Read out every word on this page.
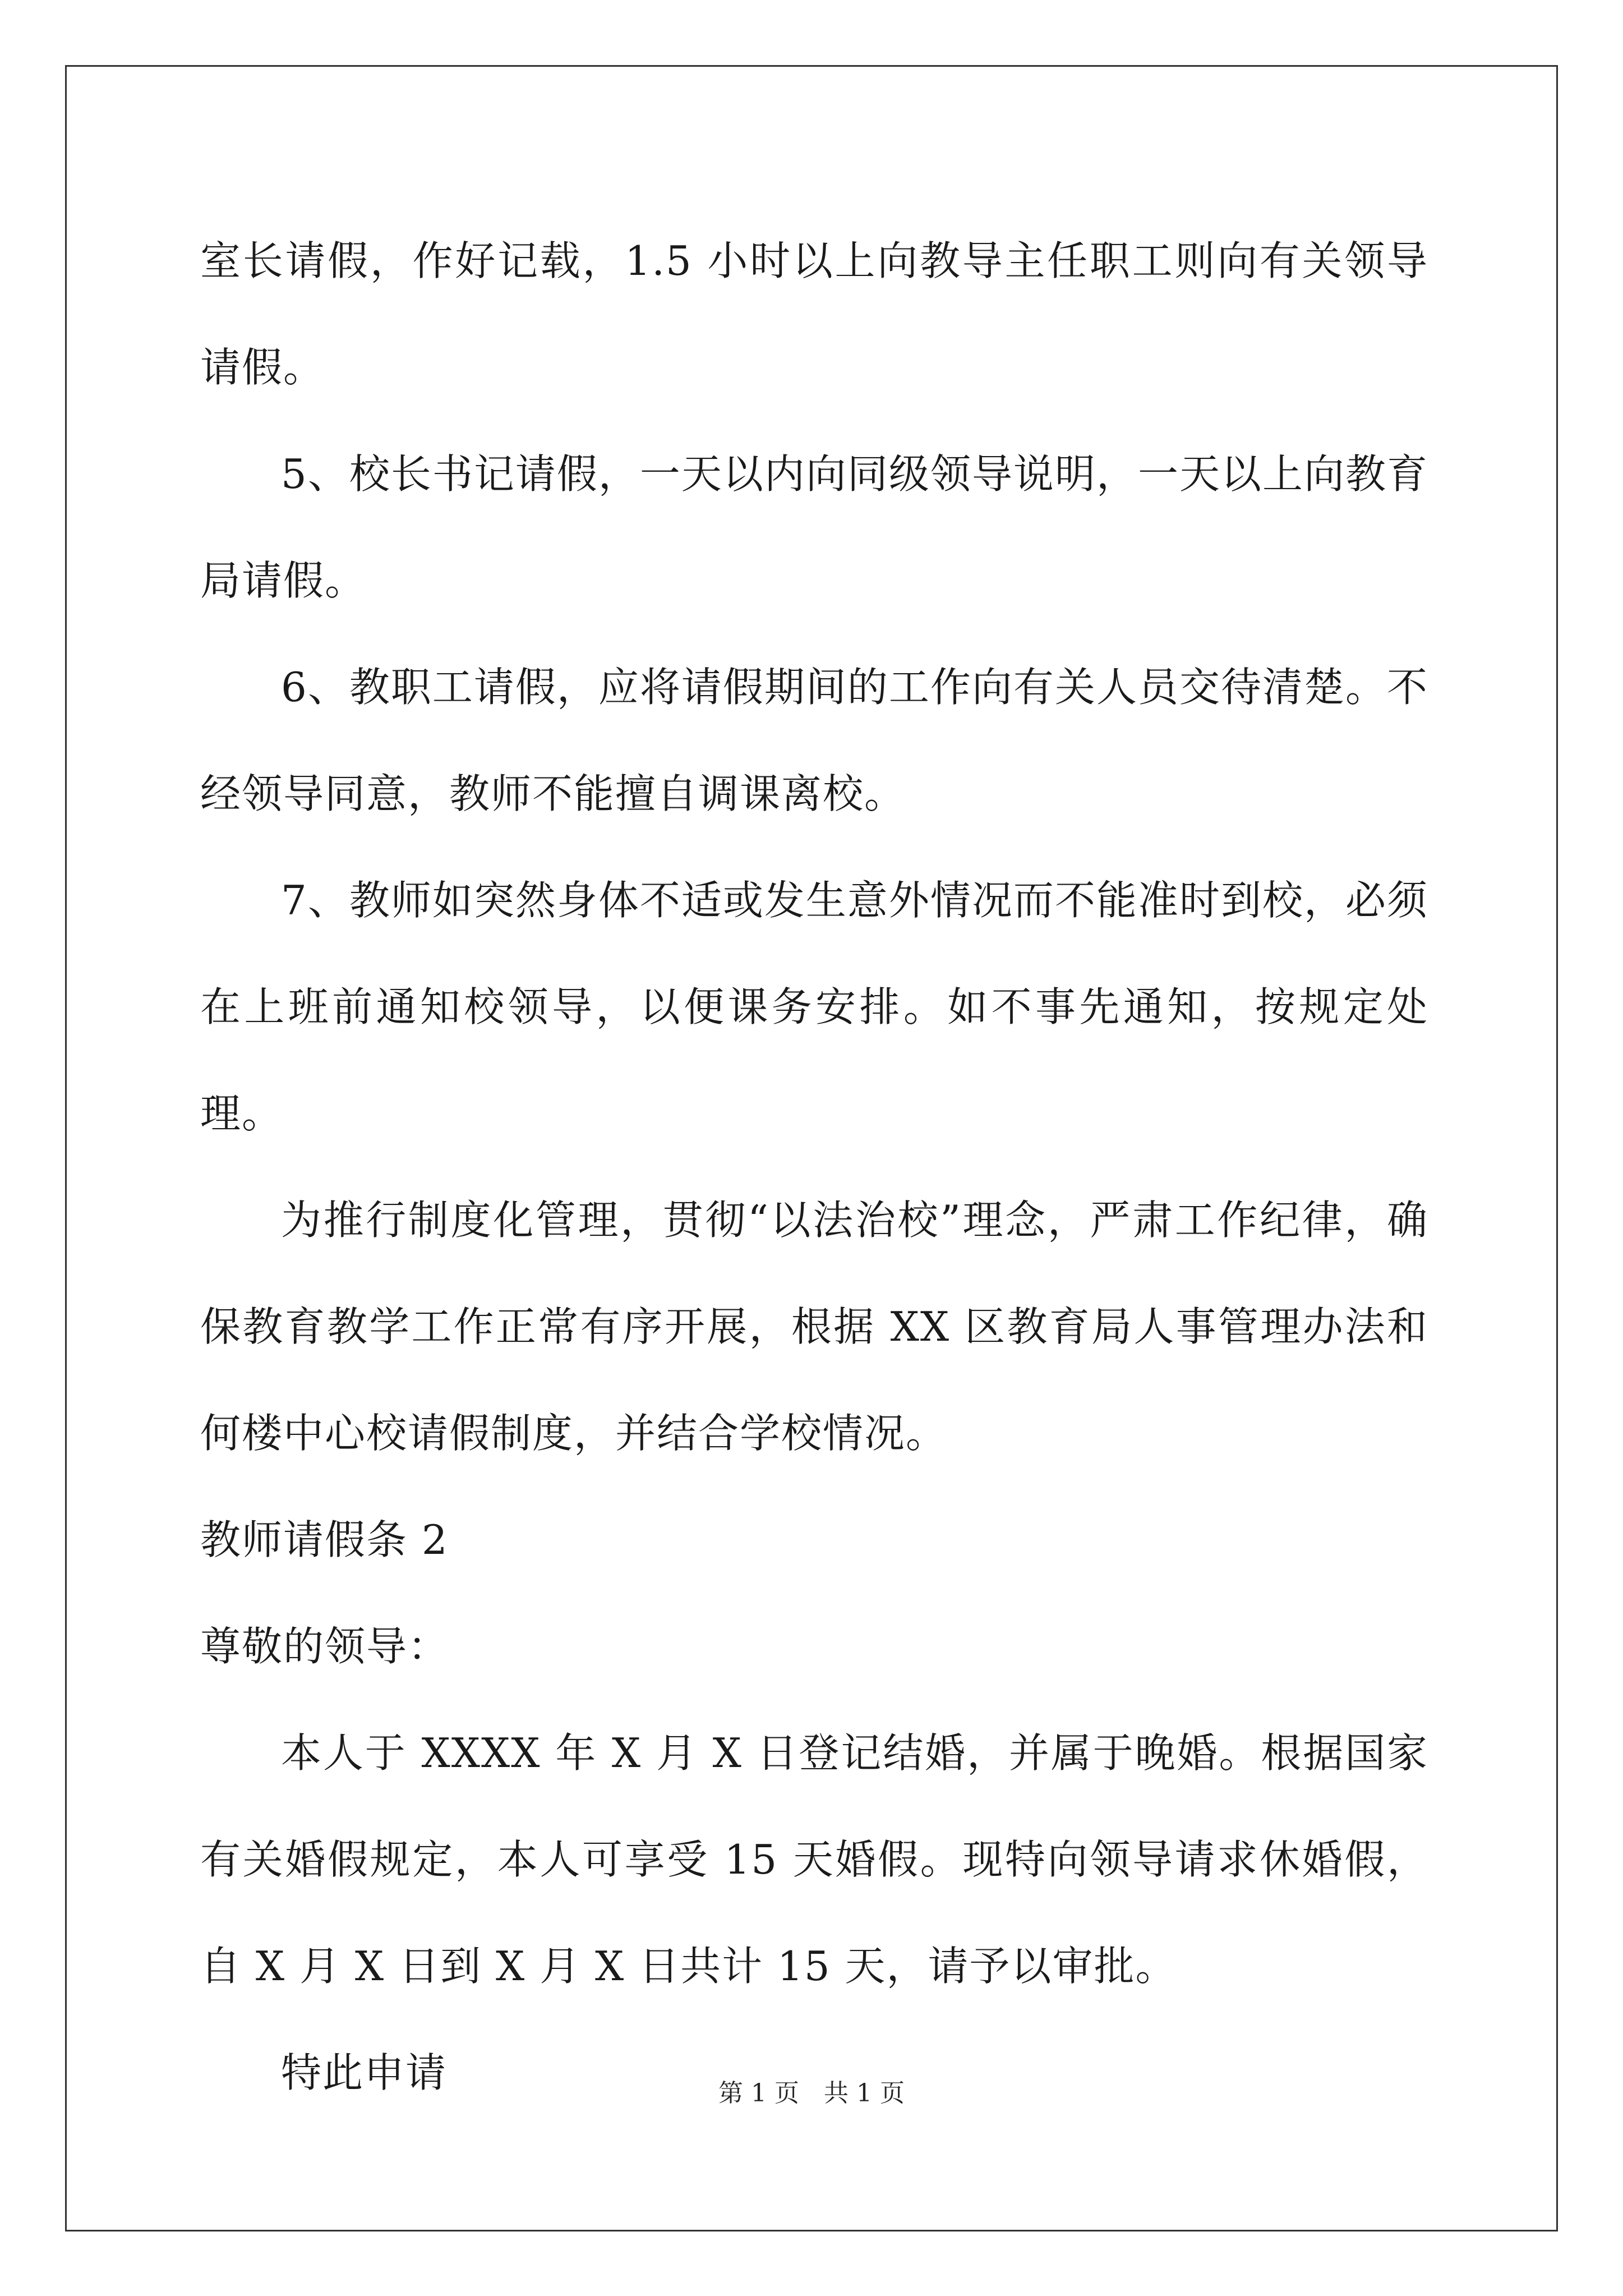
室长请假，作好记载，1.5 小时以上向教导主任职工则向有关领导请假。

5、校长书记请假，一天以内向同级领导说明，一天以上向教育局请假。

6、教职工请假，应将请假期间的工作向有关人员交待清楚。不经领导同意，教师不能擅自调课离校。

7、教师如突然身体不适或发生意外情况而不能准时到校，必须在上班前通知校领导，以便课务安排。如不事先通知，按规定处理。

为推行制度化管理，贯彻“以法治校”理念，严肃工作纪律，确保教育教学工作正常有序开展，根据 XX 区教育局人事管理办法和何楼中心校请假制度，并结合学校情况。

教师请假条 2

尊敬的领导：

本人于 XXXX 年 X 月 X 日登记结婚，并属于晚婚。根据国家有关婚假规定，本人可享受 15 天婚假。现特向领导请求休婚假，自 X 月 X 日到 X 月 X 日共计 15 天，请予以审批。

特此申请	第 1 页　共 1 页
